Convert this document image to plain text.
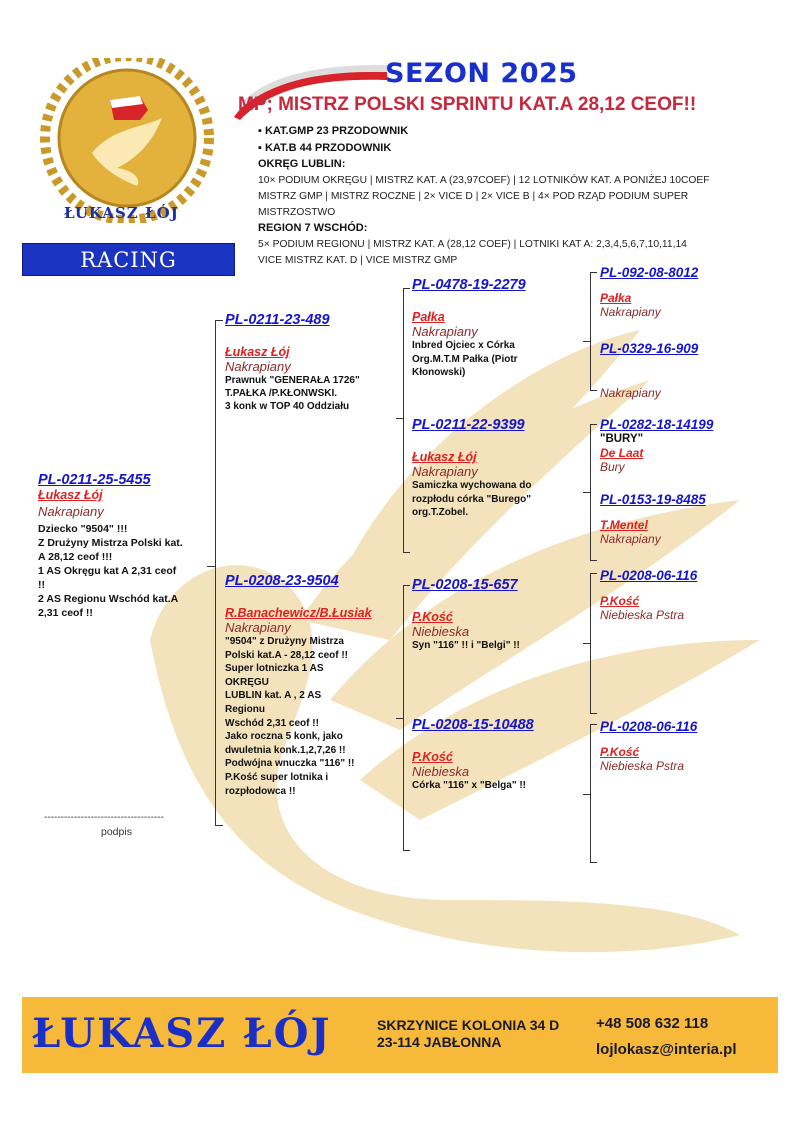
ŁUKASZ ŁÓJ
RACING PIGEONS
SEZON 2025
MP; MISTRZ POLSKI SPRINTU KAT.A 28,12 CEOF!!
▪ KAT.GMP 23 PRZODOWNIK
▪ KAT.B 44 PRZODOWNIK
OKRĘG LUBLIN:
10× PODIUM OKRĘGU | MISTRZ KAT. A (23,97COEF) | 12 LOTNIKÓW KAT. A PONIŻEJ 10COEF
MISTRZ GMP | MISTRZ ROCZNE | 2× VICE D | 2× VICE B | 4× POD RZĄD PODIUM SUPER
MISTRZOSTWO
REGION 7 WSCHÓD:
5× PODIUM REGIONU | MISTRZ KAT. A (28,12 COEF) | LOTNIKI KAT A: 2,3,4,5,6,7,10,11,14
VICE MISTRZ KAT. D | VICE MISTRZ GMP
PL-0211-25-5455
Łukasz Łój
Nakrapiany
Dziecko "9504" !!!
Z Drużyny Mistrza Polski kat.
A 28,12 ceof !!!
1 AS Okręgu kat A 2,31 ceof
!!
2 AS Regionu Wschód kat.A
2,31 ceof !!
------------------------------------
podpis
PL-0211-23-489
Łukasz Łój
Nakrapiany
Prawnuk "GENERAŁA 1726"
T.PAŁKA /P.KŁONWSKI.
3 konk w TOP 40 Oddziału
PL-0208-23-9504
R.Banachewicz/B.Łusiak
Nakrapiany
"9504" z Drużyny Mistrza
Polski kat.A - 28,12 ceof !!
Super lotniczka 1 AS
OKRĘGU
LUBLIN kat. A , 2 AS
Regionu
Wschód 2,31 ceof !!
Jako roczna 5 konk, jako
dwuletnia konk.1,2,7,26 !!
Podwójna wnuczka "116" !!
P.Kość super lotnika i
rozpłodowca !!
PL-0478-19-2279
Pałka
Nakrapiany
Inbred Ojciec x Córka
Org.M.T.M Pałka (Piotr
Kłonowski)
PL-0211-22-9399
Łukasz Łój
Nakrapiany
Samiczka wychowana do
rozpłodu córka "Burego"
org.T.Zobel.
PL-0208-15-657
P.Kość
Niebieska
Syn "116" !! i "Belgi" !!
PL-0208-15-10488
P.Kość
Niebieska
Córka "116" x "Belga" !!
PL-092-08-8012
Pałka
Nakrapiany
PL-0329-16-909
Nakrapiany
PL-0282-18-14199
"BURY"
De Laat
Bury
PL-0153-19-8485
T.Mentel
Nakrapiany
PL-0208-06-116
P.Kość
Niebieska Pstra
PL-0208-06-116
P.Kość
Niebieska Pstra
ŁUKASZ ŁÓJ	SKRZYNICE KOLONIA 34 D
23-114 JABŁONNA
+48 508 632 118
lojlokasz@interia.pl
